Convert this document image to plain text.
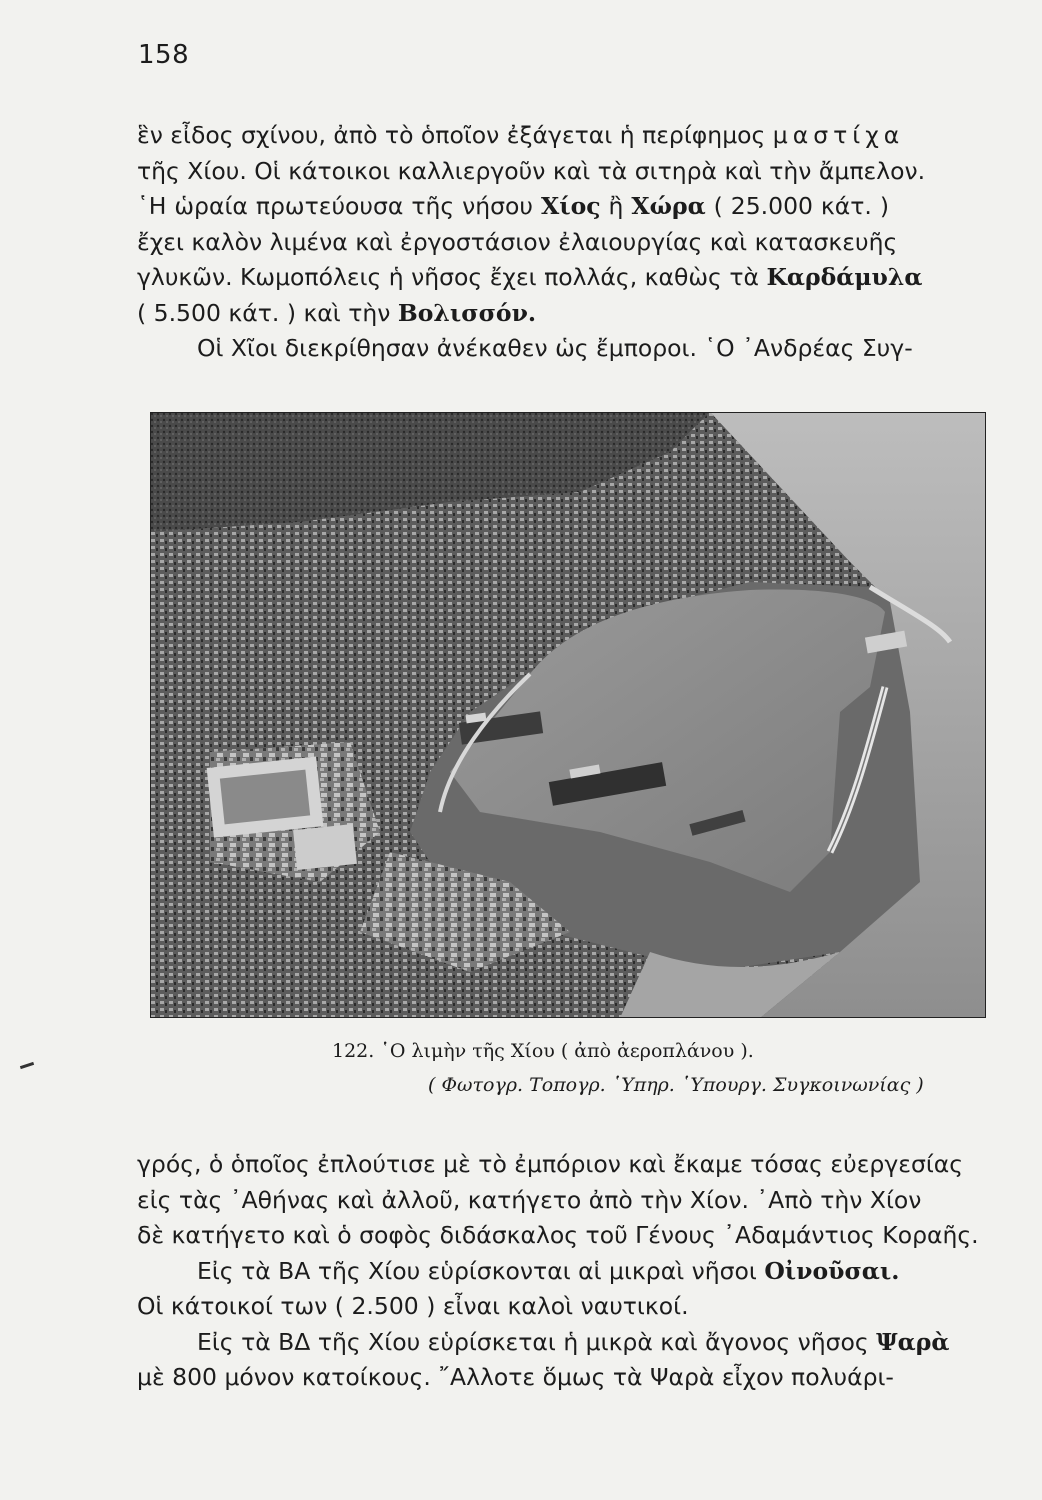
158
ἓν εἶδος σχίνου, ἀπὸ τὸ ὁποῖον ἐξάγεται ἡ περίφημος μαστίχα
τῆς Χίου. Οἱ κάτοικοι καλλιεργοῦν καὶ τὰ σιτηρὰ καὶ τὴν ἄμπελον.
῾Η ὡραία πρωτεύουσα τῆς νήσου Χίος ἢ Χώρα ( 25.000 κάτ. )
ἔχει καλὸν λιμένα καὶ ἐργοστάσιον ἐλαιουργίας καὶ κατασκευῆς
γλυκῶν. Κωμοπόλεις ἡ νῆσος ἔχει πολλάς, καθὼς τὰ Καρδάμυλα
( 5.500 κάτ. ) καὶ τὴν Βολισσόν.
Οἱ Χῖοι διεκρίθησαν ἀνέκαθεν ὡς ἔμποροι. ῾Ο ᾿Ανδρέας Συγ-
122. ῾Ο λιμὴν τῆς Χίου ( ἀπὸ ἀεροπλάνου ).
( Φωτογρ. Τοπογρ. ῾Υπηρ. ῾Υπουργ. Συγκοινωνίας )
γρός, ὁ ὁποῖος ἐπλούτισε μὲ τὸ ἐμπόριον καὶ ἔκαμε τόσας εὐεργεσίας
εἰς τὰς ᾿Αθήνας καὶ ἀλλοῦ, κατήγετο ἀπὸ τὴν Χίον. ᾿Απὸ τὴν Χίον
δὲ κατήγετο καὶ ὁ σοφὸς διδάσκαλος τοῦ Γένους ᾿Αδαμάντιος Κοραῆς.
Εἰς τὰ ΒΑ τῆς Χίου εὑρίσκονται αἱ μικραὶ νῆσοι Οἰνοῦσαι.
Οἱ κάτοικοί των ( 2.500 ) εἶναι καλοὶ ναυτικοί.
Εἰς τὰ ΒΔ τῆς Χίου εὑρίσκεται ἡ μικρὰ καὶ ἄγονος νῆσος Ψαρὰ
μὲ 800 μόνον κατοίκους. ῎Αλλοτε ὅμως τὰ Ψαρὰ εἶχον πολυάρι-
